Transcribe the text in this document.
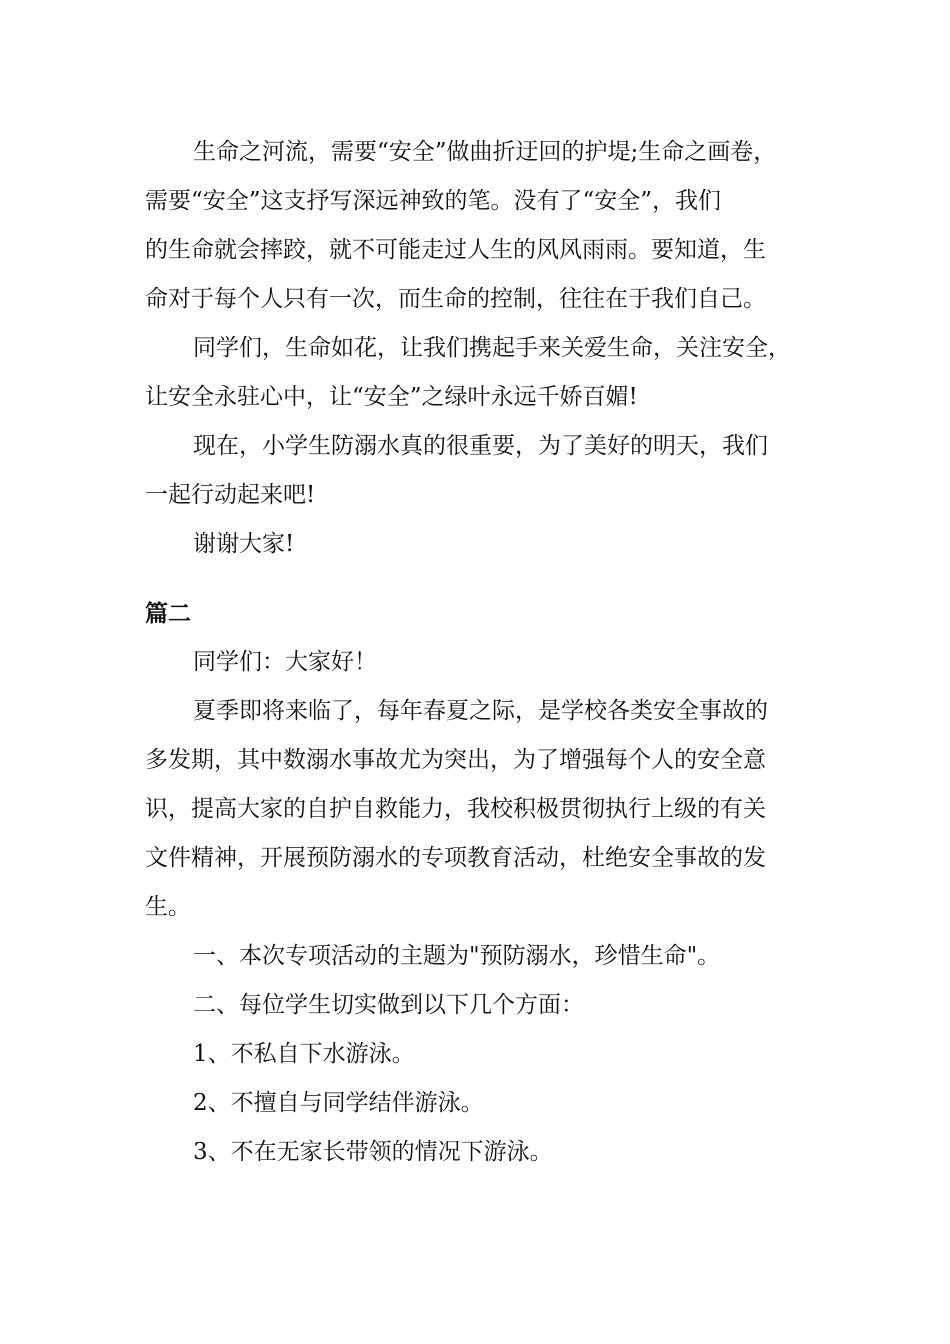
生命之河流，需要“安全”做曲折迂回的护堤;生命之画卷，
需要“安全”这支抒写深远神致的笔。没有了“安全”，我们
的生命就会摔跤，就不可能走过人生的风风雨雨。要知道，生
命对于每个人只有一次，而生命的控制，往往在于我们自己。
同学们，生命如花，让我们携起手来关爱生命，关注安全，
让安全永驻心中，让“安全”之绿叶永远千娇百媚!
现在，小学生防溺水真的很重要，为了美好的明天，我们
一起行动起来吧!
谢谢大家!
篇二
同学们：大家好！
夏季即将来临了，每年春夏之际，是学校各类安全事故的
多发期，其中数溺水事故尤为突出，为了增强每个人的安全意
识，提高大家的自护自救能力，我校积极贯彻执行上级的有关
文件精神，开展预防溺水的专项教育活动，杜绝安全事故的发
生。
一、本次专项活动的主题为"预防溺水，珍惜生命"。
二、每位学生切实做到以下几个方面：
1、不私自下水游泳。
2、不擅自与同学结伴游泳。
3、不在无家长带领的情况下游泳。
